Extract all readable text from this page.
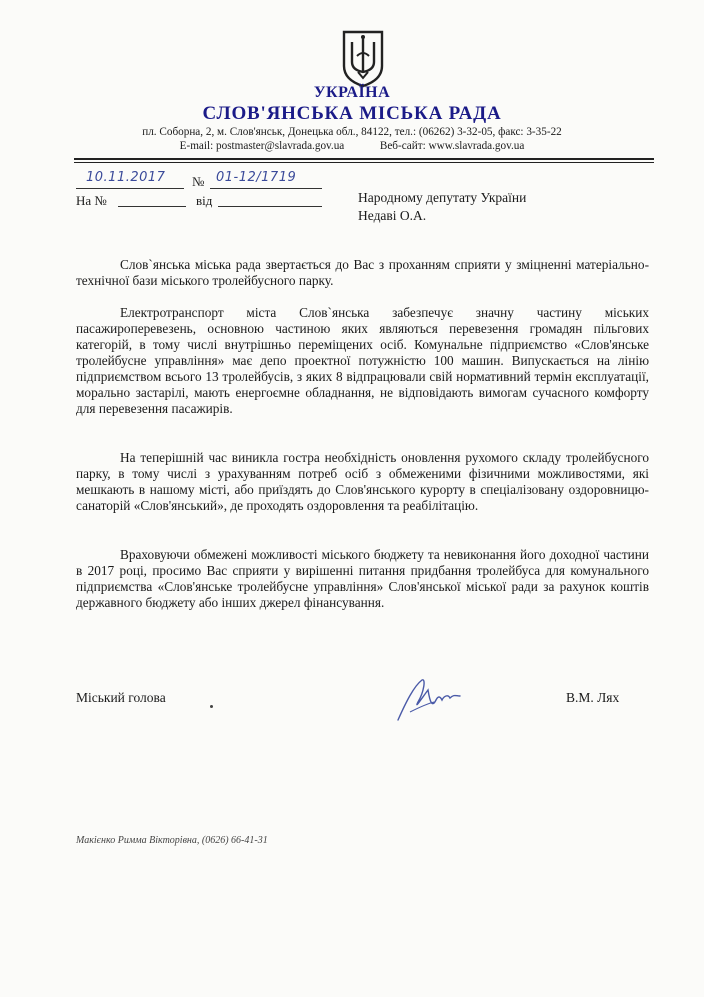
УКРАЇНА
СЛОВ'ЯНСЬКА МІСЬКА РАДА
пл. Соборна, 2, м. Слов'янськ, Донецька обл., 84122, тел.: (06262) 3-32-05, факс: 3-35-22
E-mail: postmaster@slavrada.gov.ua	Веб-сайт: www.slavrada.gov.ua
10.11.2017 № 01-12/1719
На №	від	Народному депутату України
Недаві О.А.
Слов`янська міська рада звертається до Вас з проханням сприяти у зміцненні матеріально-технічної бази міського тролейбусного парку.
Електротранспорт міста Слов`янська забезпечує значну частину міських пасажироперевезень, основною частиною яких являються перевезення громадян пільгових категорій, в тому числі внутрішньо переміщених осіб. Комунальне підприємство «Слов'янське тролейбусне управління» має депо проектної потужністю 100 машин. Випускається на лінію підприємством всього 13 тролейбусів, з яких 8 відпрацювали свій нормативний термін експлуатації, морально застарілі, мають енергоємне обладнання, не відповідають вимогам сучасного комфорту для перевезення пасажирів.
На теперішній час виникла гостра необхідність оновлення рухомого складу тролейбусного парку, в тому числі з урахуванням потреб осіб з обмеженими фізичними можливостями, які мешкають в нашому місті, або приїздять до Слов'янського курорту в спеціалізовану оздоровницю-санаторій «Слов'янський», де проходять оздоровлення та реабілітацію.
Враховуючи обмежені можливості міського бюджету та невиконання його доходної частини в 2017 році, просимо Вас сприяти у вирішенні питання придбання тролейбуса для комунального підприємства «Слов'янське тролейбусне управління» Слов'янської міської ради за рахунок коштів державного бюджету або інших джерел фінансування.
Міський голова	В.М. Лях
Макієнко Римма Вікторівна, (0626) 66-41-31
